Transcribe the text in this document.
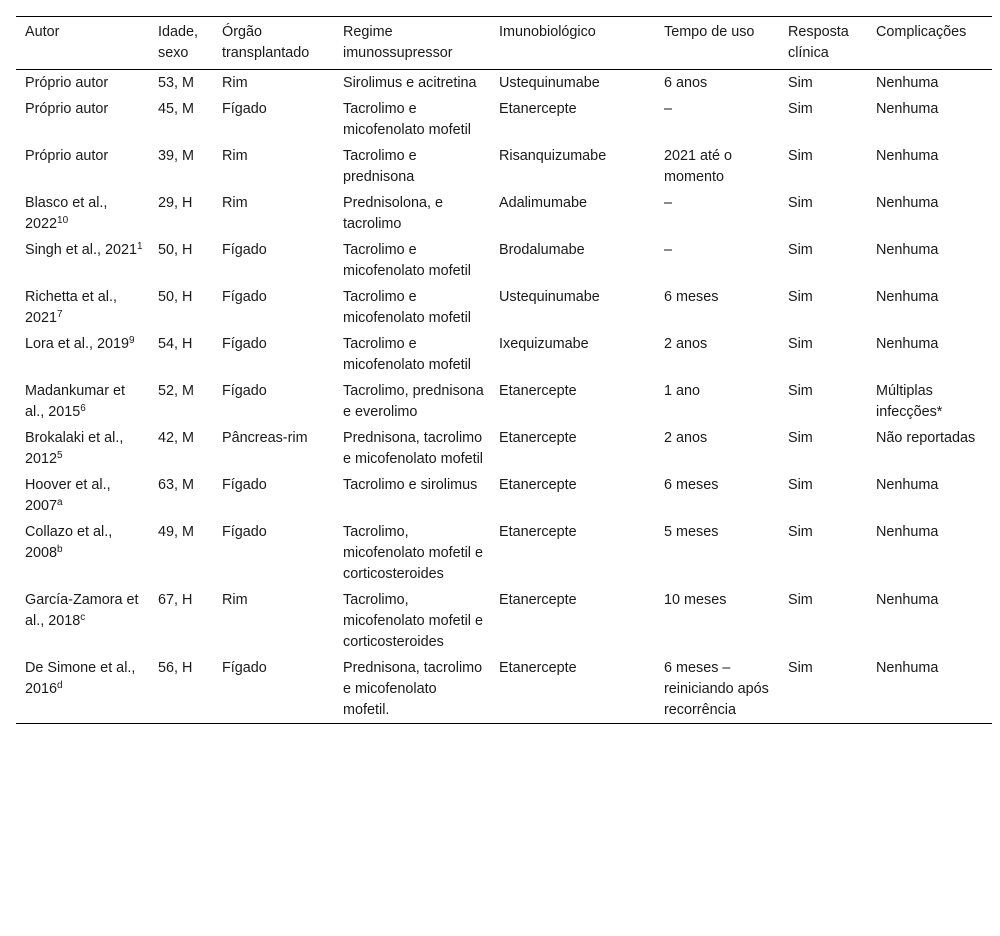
Autor	Idade, sexo	Órgão transplantado	Regime imunossupressor	Imunobiológico	Tempo de uso	Resposta clínica	Complicações
Próprio autor	53, M	Rim	Sirolimus e acitretina	Ustequinumabe	6 anos	Sim	Nenhuma
Próprio autor	45, M	Fígado	Tacrolimo e micofenolato mofetil	Etanercepte	–	Sim	Nenhuma
Próprio autor	39, M	Rim	Tacrolimo e prednisona	Risanquizumabe	2021 até o momento	Sim	Nenhuma
Blasco et al., 2022$^{10}$	29, H	Rim	Prednisolona, e tacrolimo	Adalimumabe	–	Sim	Nenhuma
Singh et al., 2021$^1$	50, H	Fígado	Tacrolimo e micofenolato mofetil	Brodalumabe	–	Sim	Nenhuma
Richetta et al., 2021$^7$	50, H	Fígado	Tacrolimo e micofenolato mofetil	Ustequinumabe	6 meses	Sim	Nenhuma
Lora et al., 2019$^9$	54, H	Fígado	Tacrolimo e micofenolato mofetil	Ixequizumabe	2 anos	Sim	Nenhuma
Madankumar et al., 2015$^6$	52, M	Fígado	Tacrolimo, prednisona e everolimo	Etanercepte	1 ano	Sim	Múltiplas infecções*
Brokalaki et al., 2012$^5$	42, M	Pâncreas-rim	Prednisona, tacrolimo e micofenolato mofetil	Etanercepte	2 anos	Sim	Não reportadas
Hoover et al., 2007$^a$	63, M	Fígado	Tacrolimo e sirolimus	Etanercepte	6 meses	Sim	Nenhuma
Collazo et al., 2008$^b$	49, M	Fígado	Tacrolimo, micofenolato mofetil e corticosteroides	Etanercepte	5 meses	Sim	Nenhuma
García-Zamora et al., 2018$^c$	67, H	Rim	Tacrolimo, micofenolato mofetil e corticosteroides	Etanercepte	10 meses	Sim	Nenhuma
De Simone et al., 2016$^d$	56, H	Fígado	Prednisona, tacrolimo e micofenolato mofetil.	Etanercepte	6 meses – reiniciando após recorrência	Sim	Nenhuma
